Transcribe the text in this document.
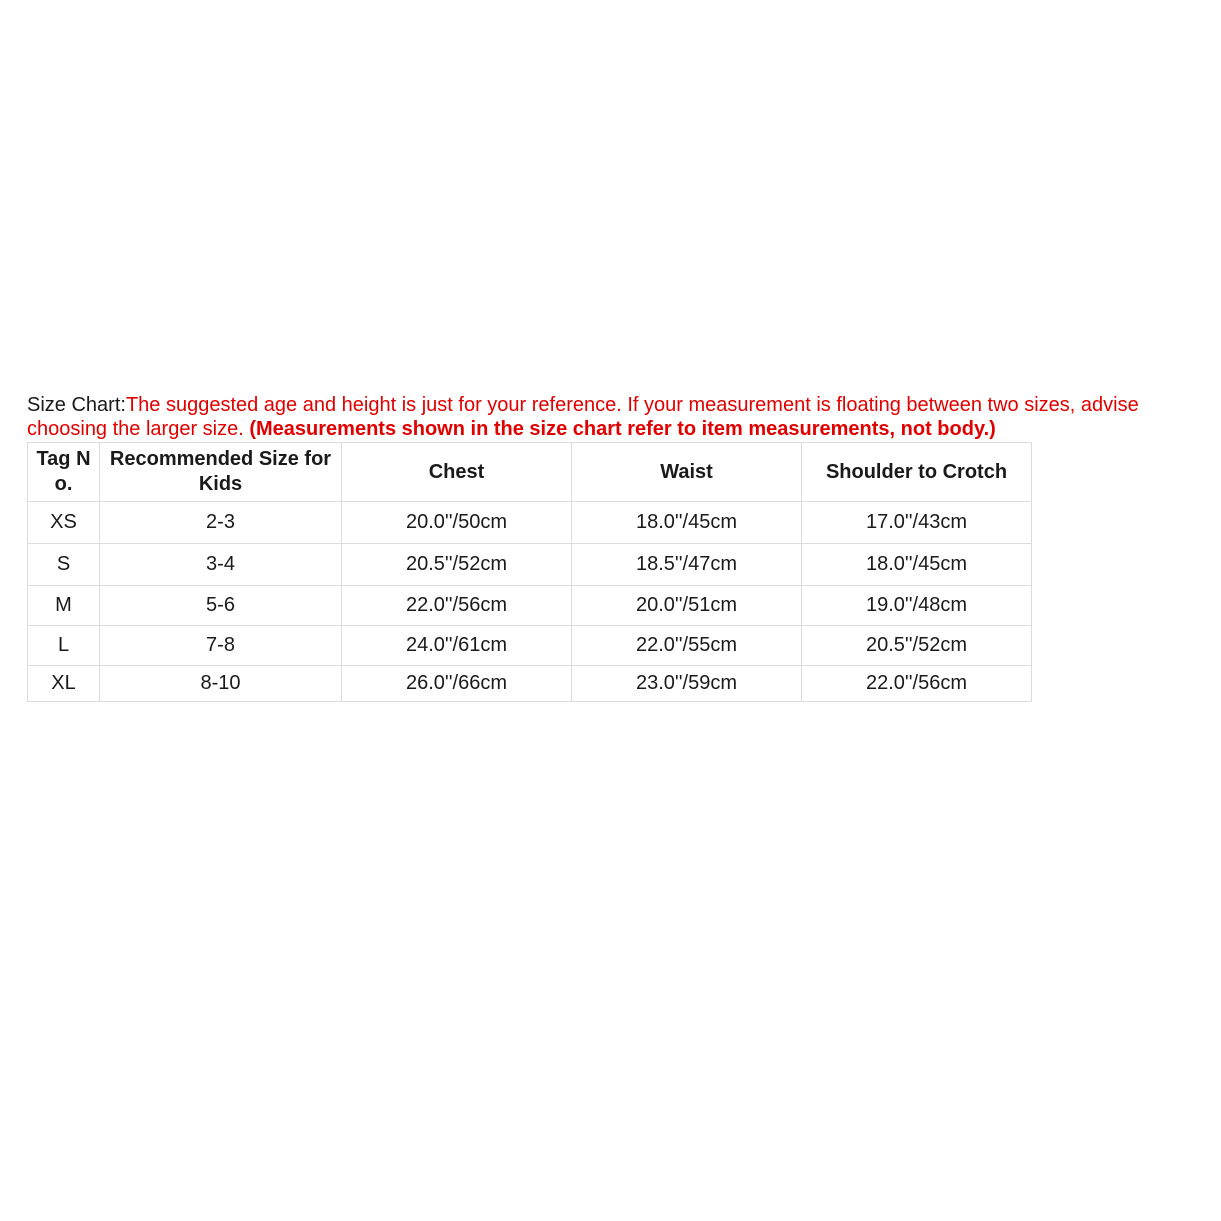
Size Chart:The suggested age and height is just for your reference. If your measurement is floating between two sizes, advise choosing the larger size. (Measurements shown in the size chart refer to item measurements, not body.)

Tag No.	Recommended Size for Kids	Chest	Waist	Shoulder to Crotch
XS	2-3	20.0''/50cm	18.0''/45cm	17.0''/43cm
S	3-4	20.5''/52cm	18.5''/47cm	18.0''/45cm
M	5-6	22.0''/56cm	20.0''/51cm	19.0''/48cm
L	7-8	24.0''/61cm	22.0''/55cm	20.5''/52cm
XL	8-10	26.0''/66cm	23.0''/59cm	22.0''/56cm
